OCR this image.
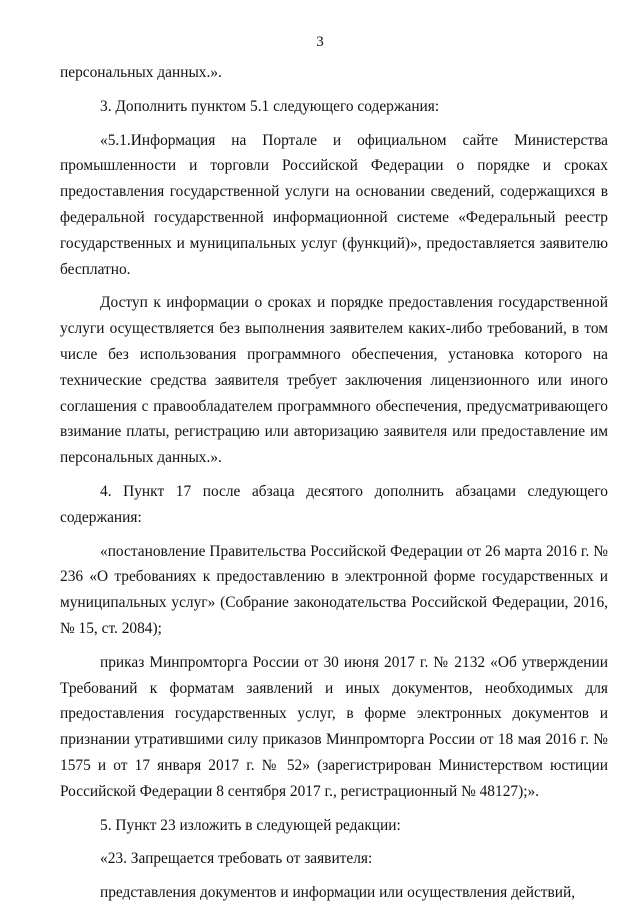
3

персональных данных.».

3. Дополнить пунктом 5.1 следующего содержания:

«5.1.Информация на Портале и официальном сайте Министерства промышленности и торговли Российской Федерации о порядке и сроках предоставления государственной услуги на основании сведений, содержащихся в федеральной государственной информационной системе «Федеральный реестр государственных и муниципальных услуг (функций)», предоставляется заявителю бесплатно.

Доступ к информации о сроках и порядке предоставления государственной услуги осуществляется без выполнения заявителем каких-либо требований, в том числе без использования программного обеспечения, установка которого на технические средства заявителя требует заключения лицензионного или иного соглашения с правообладателем программного обеспечения, предусматривающего взимание платы, регистрацию или авторизацию заявителя или предоставление им персональных данных.».

4. Пункт 17 после абзаца десятого дополнить абзацами следующего содержания:

«постановление Правительства Российской Федерации от 26 марта 2016 г. № 236 «О требованиях к предоставлению в электронной форме государственных и муниципальных услуг» (Собрание законодательства Российской Федерации, 2016, № 15, ст. 2084);

приказ Минпромторга России от 30 июня 2017 г. № 2132 «Об утверждении Требований к форматам заявлений и иных документов, необходимых для предоставления государственных услуг, в форме электронных документов и признании утратившими силу приказов Минпромторга России от 18 мая 2016 г. № 1575 и от 17 января 2017 г. № 52» (зарегистрирован Министерством юстиции Российской Федерации 8 сентября 2017 г., регистрационный № 48127);».

5. Пункт 23 изложить в следующей редакции:

«23. Запрещается требовать от заявителя:

представления документов и информации или осуществления действий,
